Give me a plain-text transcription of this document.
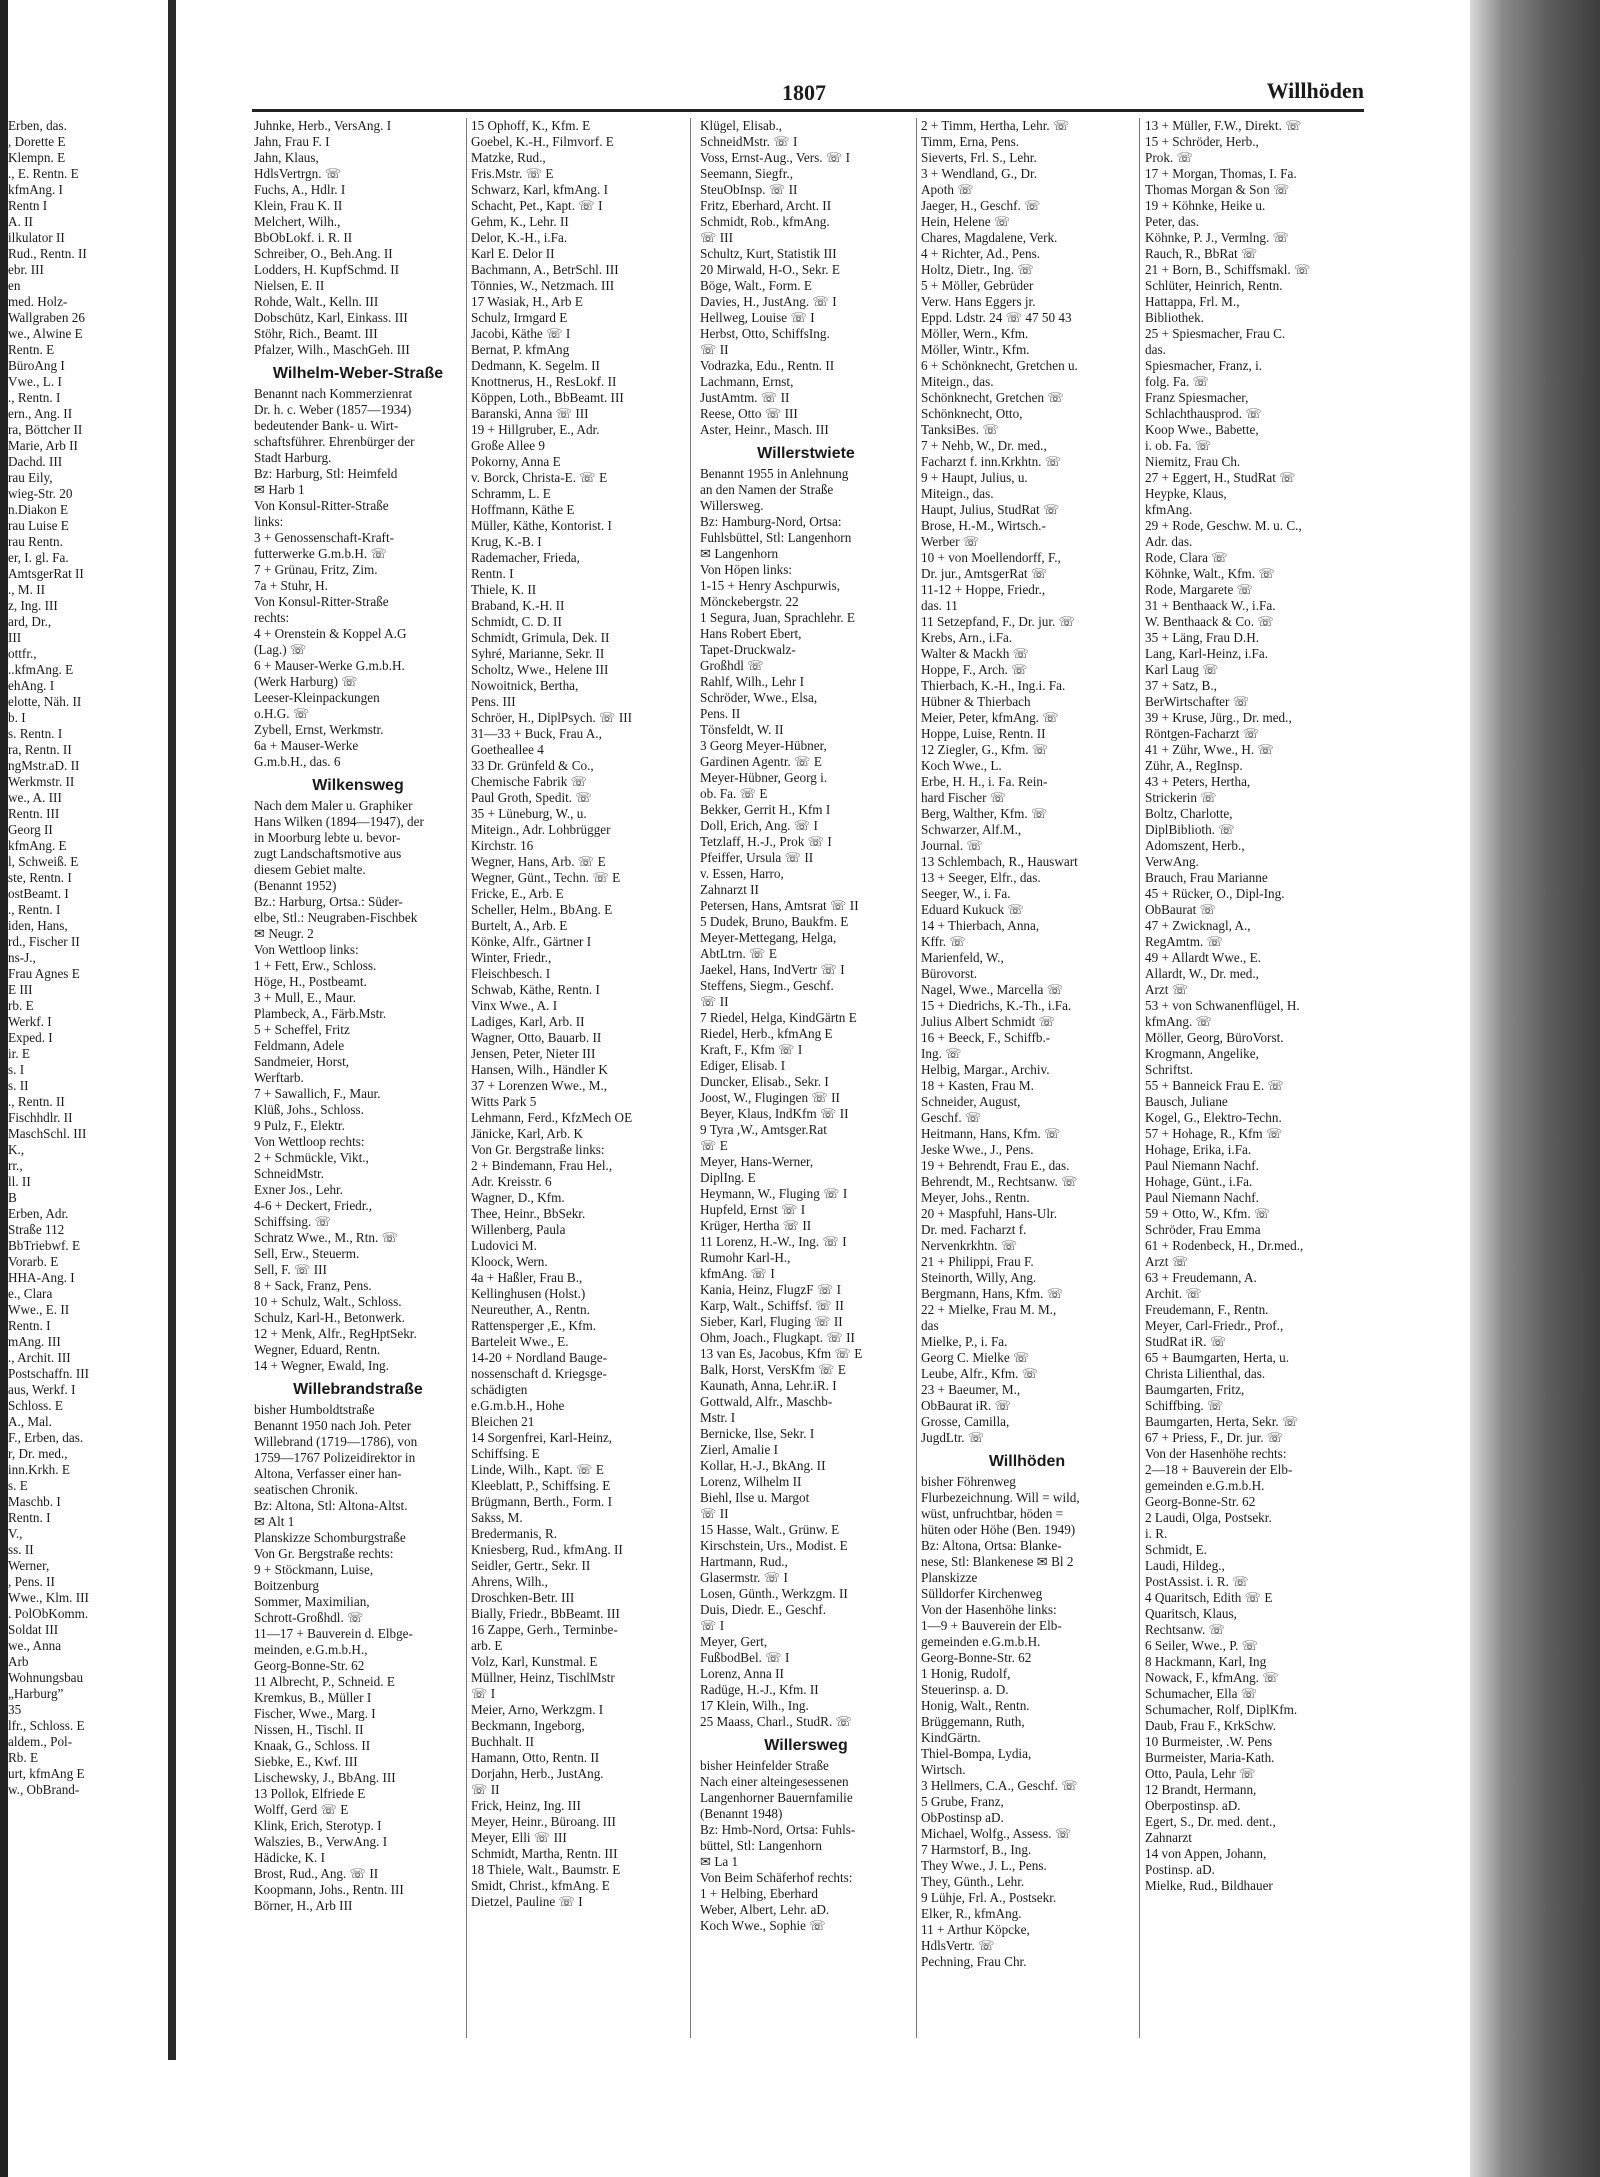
1807	Willhöden
Erben, das.
, Dorette E
Klempn. E
., E. Rentn. E
kfmAng. I
Rentn I
A. II
ilkulator II
Rud., Rentn. II
ebr. III
en
med. Holz-
Wallgraben 26
we., Alwine E
Rentn. E
BüroAng I
Vwe., L. I
., Rentn. I
ern., Ang. II
ra, Böttcher II
Marie, Arb II
Dachd. III
rau Eily,
wieg-Str. 20
n.Diakon E
rau Luise E
rau Rentn.
er, I. gl. Fa.
AmtsgerRat II
., M. II
z, Ing. III
ard, Dr.,
III
ottfr.,
..kfmAng. E
ehAng. I
elotte, Näh. II
b. I
s. Rentn. I
ra, Rentn. II
ngMstr.aD. II
Werkmstr. II
we., A. III
Rentn. III
Georg II
kfmAng. E
l, Schweiß. E
ste, Rentn. I
ostBeamt. I
., Rentn. I
iden, Hans,
rd., Fischer II
ns-J.,
Frau Agnes E
E III
rb. E
Werkf. I
Exped. I
ir. E
s. I
s. II
., Rentn. II
Fischhdlr. II
MaschSchl. III
K.,
rr.,
ll. II
B
Erben, Adr.
Straße 112
BbTriebwf. E
Vorarb. E
HHA-Ang. I
e., Clara
Wwe., E. II
Rentn. I
mAng. III
., Archit. III
Postschaffn. III
aus, Werkf. I
Schloss. E
A., Mal.
F., Erben, das.
r, Dr. med.,
inn.Krkh. E
s. E
Maschb. I
Rentn. I
V.,
ss. II
Werner,
, Pens. II
Wwe., Klm. III
. PolObKomm.
Soldat III
we., Anna
Arb
Wohnungsbau
„Harburg”
35
lfr., Schloss. E
aldem., Pol-
Rb. E
urt, kfmAng E
w., ObBrand-
Juhnke, Herb., VersAng. I
Jahn, Frau F. I
Jahn, Klaus,
HdlsVertrgn. ☏
Fuchs, A., Hdlr. I
Klein, Frau K. II
Melchert, Wilh.,
BbObLokf. i. R. II
Schreiber, O., Beh.Ang. II
Lodders, H. KupfSchmd. II
Nielsen, E. II
Rohde, Walt., Kelln. III
Dobschütz, Karl, Einkass. III
Stöhr, Rich., Beamt. III
Pfalzer, Wilh., MaschGeh. III
Wilhelm-Weber-Straße
Benannt nach Kommerzienrat
Dr. h. c. Weber (1857—1934)
bedeutender Bank- u. Wirt-
schaftsführer. Ehrenbürger der
Stadt Harburg.
Bz: Harburg, Stl: Heimfeld
✉ Harb 1
Von Konsul-Ritter-Straße
links:
3 + Genossenschaft-Kraft-
futterwerke G.m.b.H. ☏
7 + Grünau, Fritz, Zim.
7a + Stuhr, H.
Von Konsul-Ritter-Straße
rechts:
4 + Orenstein & Koppel A.G
(Lag.) ☏
6 + Mauser-Werke G.m.b.H.
(Werk Harburg) ☏
Leeser-Kleinpackungen
o.H.G. ☏
Zybell, Ernst, Werkmstr.
6a + Mauser-Werke
G.m.b.H., das. 6
Wilkensweg
Nach dem Maler u. Graphiker
Hans Wilken (1894—1947), der
in Moorburg lebte u. bevor-
zugt Landschaftsmotive aus
diesem Gebiet malte.
(Benannt 1952)
Bz.: Harburg, Ortsa.: Süder-
elbe, Stl.: Neugraben-Fischbek
✉ Neugr. 2
Von Wettloop links:
1 + Fett, Erw., Schloss.
Höge, H., Postbeamt.
3 + Mull, E., Maur.
Plambeck, A., Färb.Mstr.
5 + Scheffel, Fritz
Feldmann, Adele
Sandmeier, Horst,
Werftarb.
7 + Sawallich, F., Maur.
Klüß, Johs., Schloss.
9 Pulz, F., Elektr.
Von Wettloop rechts:
2 + Schmückle, Vikt.,
SchneidMstr.
Exner Jos., Lehr.
4-6 + Deckert, Friedr.,
Schiffsing. ☏
Schratz Wwe., M., Rtn. ☏
Sell, Erw., Steuerm.
Sell, F. ☏ III
8 + Sack, Franz, Pens.
10 + Schulz, Walt., Schloss.
Schulz, Karl-H., Betonwerk.
12 + Menk, Alfr., RegHptSekr.
Wegner, Eduard, Rentn.
14 + Wegner, Ewald, Ing.
Willebrandstraße
bisher Humboldtstraße
Benannt 1950 nach Joh. Peter
Willebrand (1719—1786), von
1759—1767 Polizeidirektor in
Altona, Verfasser einer han-
seatischen Chronik.
Bz: Altona, Stl: Altona-Altst.
✉ Alt 1
Planskizze Schomburgstraße
Von Gr. Bergstraße rechts:
9 + Stöckmann, Luise,
Boitzenburg
Sommer, Maximilian,
Schrott-Großhdl. ☏
11—17 + Bauverein d. Elbge-
meinden, e.G.m.b.H.,
Georg-Bonne-Str. 62
11 Albrecht, P., Schneid. E
Kremkus, B., Müller I
Fischer, Wwe., Marg. I
Nissen, H., Tischl. II
Knaak, G., Schloss. II
Siebke, E., Kwf. III
Lischewsky, J., BbAng. III
13 Pollok, Elfriede E
Wolff, Gerd ☏ E
Klink, Erich, Sterotyp. I
Walszies, B., VerwAng. I
Hädicke, K. I
Brost, Rud., Ang. ☏ II
Koopmann, Johs., Rentn. III
Börner, H., Arb III
15 Ophoff, K., Kfm. E
Goebel, K.-H., Filmvorf. E
Matzke, Rud.,
Fris.Mstr. ☏ E
Schwarz, Karl, kfmAng. I
Schacht, Pet., Kapt. ☏ I
Gehm, K., Lehr. II
Delor, K.-H., i.Fa.
Karl E. Delor II
Bachmann, A., BetrSchl. III
Tönnies, W., Netzmach. III
17 Wasiak, H., Arb E
Schulz, Irmgard E
Jacobi, Käthe ☏ I
Bernat, P. kfmAng
Dedmann, K. Segelm. II
Knottnerus, H., ResLokf. II
Köppen, Loth., BbBeamt. III
Baranski, Anna ☏ III
19 + Hillgruber, E., Adr.
Große Allee 9
Pokorny, Anna E
v. Borck, Christa-E. ☏ E
Schramm, L. E
Hoffmann, Käthe E
Müller, Käthe, Kontorist. I
Krug, K.-B. I
Rademacher, Frieda,
Rentn. I
Thiele, K. II
Braband, K.-H. II
Schmidt, C. D. II
Schmidt, Grimula, Dek. II
Syhré, Marianne, Sekr. II
Scholtz, Wwe., Helene III
Nowoitnick, Bertha,
Pens. III
Schröer, H., DiplPsych. ☏ III
31—33 + Buck, Frau A.,
Goetheallee 4
33 Dr. Grünfeld & Co.,
Chemische Fabrik ☏
Paul Groth, Spedit. ☏
35 + Lüneburg, W., u.
Miteign., Adr. Lohbrügger
Kirchstr. 16
Wegner, Hans, Arb. ☏ E
Wegner, Günt., Techn. ☏ E
Fricke, E., Arb. E
Scheller, Helm., BbAng. E
Burtelt, A., Arb. E
Könke, Alfr., Gärtner I
Winter, Friedr.,
Fleischbesch. I
Schwab, Käthe, Rentn. I
Vinx Wwe., A. I
Ladiges, Karl, Arb. II
Wagner, Otto, Bauarb. II
Jensen, Peter, Nieter III
Hansen, Wilh., Händler K
37 + Lorenzen Wwe., M.,
Witts Park 5
Lehmann, Ferd., KfzMech OE
Jänicke, Karl, Arb. K
Von Gr. Bergstraße links:
2 + Bindemann, Frau Hel.,
Adr. Kreisstr. 6
Wagner, D., Kfm.
Thee, Heinr., BbSekr.
Willenberg, Paula
Ludovici M.
Kloock, Wern.
4a + Haßler, Frau B.,
Kellinghusen (Holst.)
Neureuther, A., Rentn.
Rattensperger ,E., Kfm.
Barteleit Wwe., E.
14-20 + Nordland Bauge-
nossenschaft d. Kriegsge-
schädigten
e.G.m.b.H., Hohe
Bleichen 21
14 Sorgenfrei, Karl-Heinz,
Schiffsing. E
Linde, Wilh., Kapt. ☏ E
Kleeblatt, P., Schiffsing. E
Brügmann, Berth., Form. I
Sakss, M.
Bredermanis, R.
Kniesberg, Rud., kfmAng. II
Seidler, Gertr., Sekr. II
Ahrens, Wilh.,
Droschken-Betr. III
Bially, Friedr., BbBeamt. III
16 Zappe, Gerh., Terminbe-
arb. E
Volz, Karl, Kunstmal. E
Müllner, Heinz, TischlMstr
☏ I
Meier, Arno, Werkzgm. I
Beckmann, Ingeborg,
Buchhalt. II
Hamann, Otto, Rentn. II
Dorjahn, Herb., JustAng.
☏ II
Frick, Heinz, Ing. III
Meyer, Heinr., Büroang. III
Meyer, Elli ☏ III
Schmidt, Martha, Rentn. III
18 Thiele, Walt., Baumstr. E
Smidt, Christ., kfmAng. E
Dietzel, Pauline ☏ I
Klügel, Elisab.,
SchneidMstr. ☏ I
Voss, Ernst-Aug., Vers. ☏ I
Seemann, Siegfr.,
SteuObInsp. ☏ II
Fritz, Eberhard, Archt. II
Schmidt, Rob., kfmAng.
☏ III
Schultz, Kurt, Statistik III
20 Mirwald, H-O., Sekr. E
Böge, Walt., Form. E
Davies, H., JustAng. ☏ I
Hellweg, Louise ☏ I
Herbst, Otto, SchiffsIng.
☏ II
Vodrazka, Edu., Rentn. II
Lachmann, Ernst,
JustAmtm. ☏ II
Reese, Otto ☏ III
Aster, Heinr., Masch. III
Willerstwiete
Benannt 1955 in Anlehnung
an den Namen der Straße
Willersweg.
Bz: Hamburg-Nord, Ortsa:
Fuhlsbüttel, Stl: Langenhorn
✉ Langenhorn
Von Höpen links:
1-15 + Henry Aschpurwis,
Mönckebergstr. 22
1 Segura, Juan, Sprachlehr. E
Hans Robert Ebert,
Tapet-Druckwalz-
Großhdl ☏
Rahlf, Wilh., Lehr I
Schröder, Wwe., Elsa,
Pens. II
Tönsfeldt, W. II
3 Georg Meyer-Hübner,
Gardinen Agentr. ☏ E
Meyer-Hübner, Georg i.
ob. Fa. ☏ E
Bekker, Gerrit H., Kfm I
Doll, Erich, Ang. ☏ I
Tetzlaff, H.-J., Prok ☏ I
Pfeiffer, Ursula ☏ II
v. Essen, Harro,
Zahnarzt II
Petersen, Hans, Amtsrat ☏ II
5 Dudek, Bruno, Baukfm. E
Meyer-Mettegang, Helga,
AbtLtrn. ☏ E
Jaekel, Hans, IndVertr ☏ I
Steffens, Siegm., Geschf.
☏ II
7 Riedel, Helga, KindGärtn E
Riedel, Herb., kfmAng E
Kraft, F., Kfm ☏ I
Ediger, Elisab. I
Duncker, Elisab., Sekr. I
Joost, W., Flugingen ☏ II
Beyer, Klaus, IndKfm ☏ II
9 Tyra ,W., Amtsger.Rat
☏ E
Meyer, Hans-Werner,
DiplIng. E
Heymann, W., Fluging ☏ I
Hupfeld, Ernst ☏ I
Krüger, Hertha ☏ II
11 Lorenz, H.-W., Ing. ☏ I
Rumohr Karl-H.,
kfmAng. ☏ I
Kania, Heinz, FlugzF ☏ I
Karp, Walt., Schiffsf. ☏ II
Sieber, Karl, Fluging ☏ II
Ohm, Joach., Flugkapt. ☏ II
13 van Es, Jacobus, Kfm ☏ E
Balk, Horst, VersKfm ☏ E
Kaunath, Anna, Lehr.iR. I
Gottwald, Alfr., Maschb-
Mstr. I
Bernicke, Ilse, Sekr. I
Zierl, Amalie I
Kollar, H.-J., BkAng. II
Lorenz, Wilhelm II
Biehl, Ilse u. Margot
☏ II
15 Hasse, Walt., Grünw. E
Kirschstein, Urs., Modist. E
Hartmann, Rud.,
Glasermstr. ☏ I
Losen, Günth., Werkzgm. II
Duis, Diedr. E., Geschf.
☏ I
Meyer, Gert,
FußbodBel. ☏ I
Lorenz, Anna II
Radüge, H.-J., Kfm. II
17 Klein, Wilh., Ing.
25 Maass, Charl., StudR. ☏
Willersweg
bisher Heinfelder Straße
Nach einer alteingesessenen
Langenhorner Bauernfamilie
(Benannt 1948)
Bz: Hmb-Nord, Ortsa: Fuhls-
büttel, Stl: Langenhorn
✉ La 1
Von Beim Schäferhof rechts:
1 + Helbing, Eberhard
Weber, Albert, Lehr. aD.
Koch Wwe., Sophie ☏
2 + Timm, Hertha, Lehr. ☏
Timm, Erna, Pens.
Sieverts, Frl. S., Lehr.
3 + Wendland, G., Dr.
Apoth ☏
Jaeger, H., Geschf. ☏
Hein, Helene ☏
Chares, Magdalene, Verk.
4 + Richter, Ad., Pens.
Holtz, Dietr., Ing. ☏
5 + Möller, Gebrüder
Verw. Hans Eggers jr.
Eppd. Ldstr. 24 ☏ 47 50 43
Möller, Wern., Kfm.
Möller, Wintr., Kfm.
6 + Schönknecht, Gretchen u.
Miteign., das.
Schönknecht, Gretchen ☏
Schönknecht, Otto,
TanksiBes. ☏
7 + Nehb, W., Dr. med.,
Facharzt f. inn.Krkhtn. ☏
9 + Haupt, Julius, u.
Miteign., das.
Haupt, Julius, StudRat ☏
Brose, H.-M., Wirtsch.-
Werber ☏
10 + von Moellendorff, F.,
Dr. jur., AmtsgerRat ☏
11-12 + Hoppe, Friedr.,
das. 11
11 Setzepfand, F., Dr. jur. ☏
Krebs, Arn., i.Fa.
Walter & Mackh ☏
Hoppe, F., Arch. ☏
Thierbach, K.-H., Ing.i. Fa.
Hübner & Thierbach
Meier, Peter, kfmAng. ☏
Hoppe, Luise, Rentn. II
12 Ziegler, G., Kfm. ☏
Koch Wwe., L.
Erbe, H. H., i. Fa. Rein-
hard Fischer ☏
Berg, Walther, Kfm. ☏
Schwarzer, Alf.M.,
Journal. ☏
13 Schlembach, R., Hauswart
13 + Seeger, Elfr., das.
Seeger, W., i. Fa.
Eduard Kukuck ☏
14 + Thierbach, Anna,
Kffr. ☏
Marienfeld, W.,
Bürovorst.
Nagel, Wwe., Marcella ☏
15 + Diedrichs, K.-Th., i.Fa.
Julius Albert Schmidt ☏
16 + Beeck, F., Schiffb.-
Ing. ☏
Helbig, Margar., Archiv.
18 + Kasten, Frau M.
Schneider, August,
Geschf. ☏
Heitmann, Hans, Kfm. ☏
Jeske Wwe., J., Pens.
19 + Behrendt, Frau E., das.
Behrendt, M., Rechtsanw. ☏
Meyer, Johs., Rentn.
20 + Maspfuhl, Hans-Ulr.
Dr. med. Facharzt f.
Nervenkrkhtn. ☏
21 + Philippi, Frau F.
Steinorth, Willy, Ang.
Bergmann, Hans, Kfm. ☏
22 + Mielke, Frau M. M.,
das
Mielke, P., i. Fa.
Georg C. Mielke ☏
Leube, Alfr., Kfm. ☏
23 + Baeumer, M.,
ObBaurat iR. ☏
Grosse, Camilla,
JugdLtr. ☏
Willhöden
bisher Föhrenweg
Flurbezeichnung. Will = wild,
wüst, unfruchtbar, höden =
hüten oder Höhe (Ben. 1949)
Bz: Altona, Ortsa: Blanke-
nese, Stl: Blankenese ✉ Bl 2
Planskizze
Sülldorfer Kirchenweg
Von der Hasenhöhe links:
1—9 + Bauverein der Elb-
gemeinden e.G.m.b.H.
Georg-Bonne-Str. 62
1 Honig, Rudolf,
Steuerinsp. a. D.
Honig, Walt., Rentn.
Brüggemann, Ruth,
KindGärtn.
Thiel-Bompa, Lydia,
Wirtsch.
3 Hellmers, C.A., Geschf. ☏
5 Grube, Franz,
ObPostinsp aD.
Michael, Wolfg., Assess. ☏
7 Harmstorf, B., Ing.
They Wwe., J. L., Pens.
They, Günth., Lehr.
9 Lühje, Frl. A., Postsekr.
Elker, R., kfmAng.
11 + Arthur Köpcke,
HdlsVertr. ☏
Pechning, Frau Chr.
13 + Müller, F.W., Direkt. ☏
15 + Schröder, Herb.,
Prok. ☏
17 + Morgan, Thomas, I. Fa.
Thomas Morgan & Son ☏
19 + Köhnke, Heike u.
Peter, das.
Köhnke, P. J., Vermlng. ☏
Rauch, R., BbRat ☏
21 + Born, B., Schiffsmakl. ☏
Schlüter, Heinrich, Rentn.
Hattappa, Frl. M.,
Bibliothek.
25 + Spiesmacher, Frau C.
das.
Spiesmacher, Franz, i.
folg. Fa. ☏
Franz Spiesmacher,
Schlachthausprod. ☏
Koop Wwe., Babette,
i. ob. Fa. ☏
Niemitz, Frau Ch.
27 + Eggert, H., StudRat ☏
Heypke, Klaus,
kfmAng.
29 + Rode, Geschw. M. u. C.,
Adr. das.
Rode, Clara ☏
Köhnke, Walt., Kfm. ☏
Rode, Margarete ☏
31 + Benthaack W., i.Fa.
W. Benthaack & Co. ☏
35 + Läng, Frau D.H.
Lang, Karl-Heinz, i.Fa.
Karl Laug ☏
37 + Satz, B.,
BerWirtschafter ☏
39 + Kruse, Jürg., Dr. med.,
Röntgen-Facharzt ☏
41 + Zühr, Wwe., H. ☏
Zühr, A., RegInsp.
43 + Peters, Hertha,
Strickerin ☏
Boltz, Charlotte,
DiplBiblioth. ☏
Adomszent, Herb.,
VerwAng.
Brauch, Frau Marianne
45 + Rücker, O., Dipl-Ing.
ObBaurat ☏
47 + Zwicknagl, A.,
RegAmtm. ☏
49 + Allardt Wwe., E.
Allardt, W., Dr. med.,
Arzt ☏
53 + von Schwanenflügel, H.
kfmAng. ☏
Möller, Georg, BüroVorst.
Krogmann, Angelike,
Schriftst.
55 + Banneick Frau E. ☏
Bausch, Juliane
Kogel, G., Elektro-Techn.
57 + Hohage, R., Kfm ☏
Hohage, Erika, i.Fa.
Paul Niemann Nachf.
Hohage, Günt., i.Fa.
Paul Niemann Nachf.
59 + Otto, W., Kfm. ☏
Schröder, Frau Emma
61 + Rodenbeck, H., Dr.med.,
Arzt ☏
63 + Freudemann, A.
Archit. ☏
Freudemann, F., Rentn.
Meyer, Carl-Friedr., Prof.,
StudRat iR. ☏
65 + Baumgarten, Herta, u.
Christa Lilienthal, das.
Baumgarten, Fritz,
Schiffbing. ☏
Baumgarten, Herta, Sekr. ☏
67 + Priess, F., Dr. jur. ☏
Von der Hasenhöhe rechts:
2—18 + Bauverein der Elb-
gemeinden e.G.m.b.H.
Georg-Bonne-Str. 62
2 Laudi, Olga, Postsekr.
i. R.
Schmidt, E.
Laudi, Hildeg.,
PostAssist. i. R. ☏
4 Quaritsch, Edith ☏ E
Quaritsch, Klaus,
Rechtsanw. ☏
6 Seiler, Wwe., P. ☏
8 Hackmann, Karl, Ing
Nowack, F., kfmAng. ☏
Schumacher, Ella ☏
Schumacher, Rolf, DiplKfm.
Daub, Frau F., KrkSchw.
10 Burmeister, .W. Pens
Burmeister, Maria-Kath.
Otto, Paula, Lehr ☏
12 Brandt, Hermann,
Oberpostinsp. aD.
Egert, S., Dr. med. dent.,
Zahnarzt
14 von Appen, Johann,
Postinsp. aD.
Mielke, Rud., Bildhauer
